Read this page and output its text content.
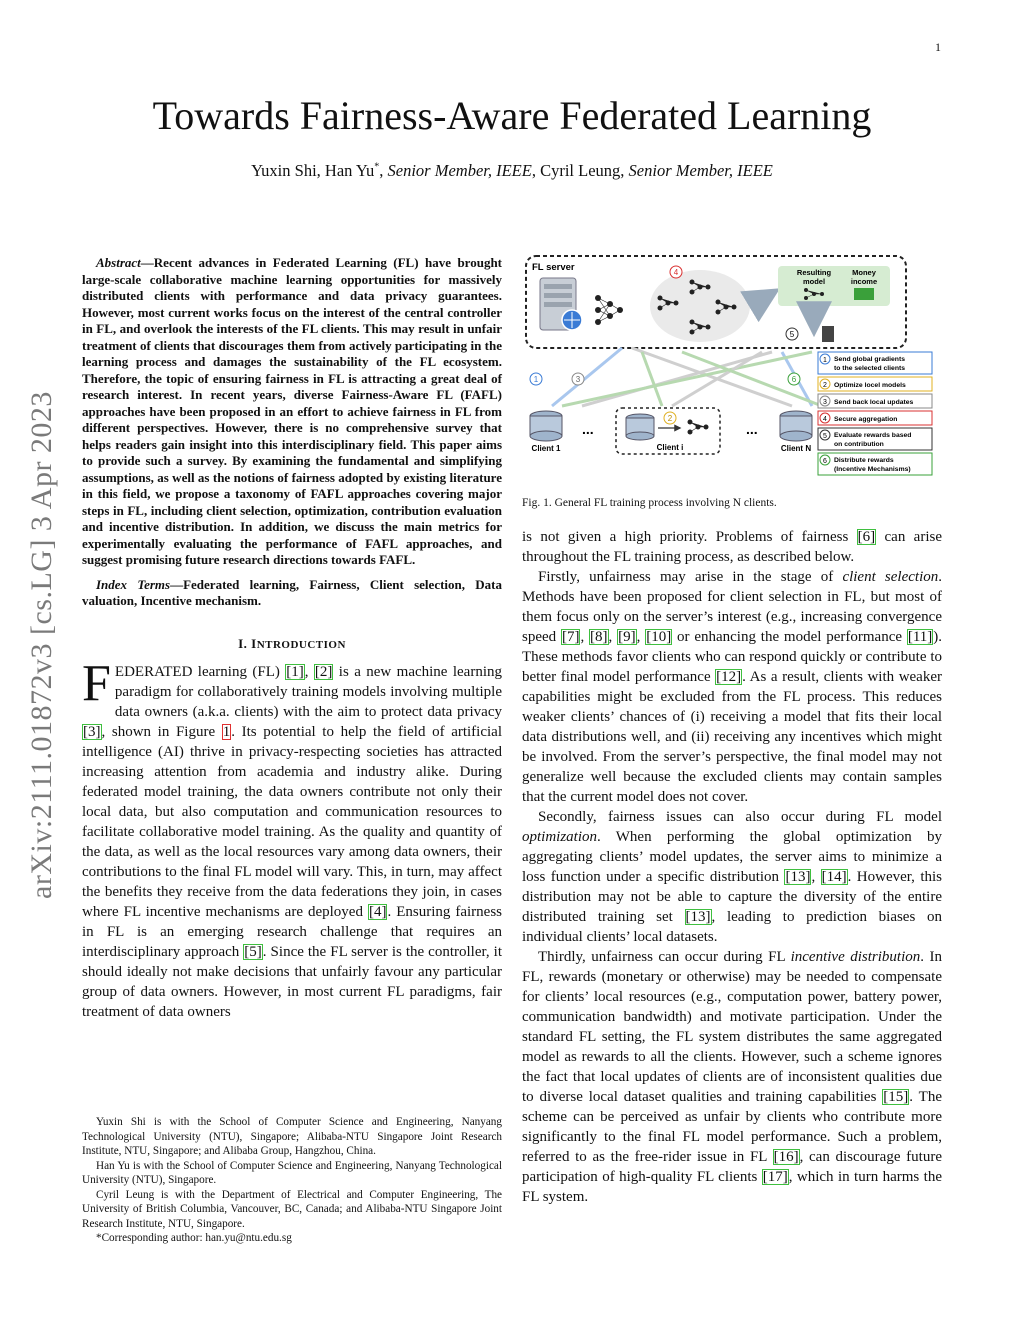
1
arXiv:2111.01872v3 [cs.LG] 3 Apr 2023
Towards Fairness-Aware Federated Learning
Yuxin Shi, Han Yu*, Senior Member, IEEE, Cyril Leung, Senior Member, IEEE

Abstract—Recent advances in Federated Learning (FL) have brought large-scale collaborative machine learning opportunities for massively distributed clients with performance and data privacy guarantees. However, most current works focus on the interest of the central controller in FL, and overlook the interests of the FL clients. This may result in unfair treatment of clients that discourages them from actively participating in the learning process and damages the sustainability of the FL ecosystem. Therefore, the topic of ensuring fairness in FL is attracting a great deal of research interest. In recent years, diverse Fairness-Aware FL (FAFL) approaches have been proposed in an effort to achieve fairness in FL from different perspectives. However, there is no comprehensive survey that helps readers gain insight into this interdisciplinary field. This paper aims to provide such a survey. By examining the fundamental and simplifying assumptions, as well as the notions of fairness adopted by existing literature in this field, we propose a taxonomy of FAFL approaches covering major steps in FL, including client selection, optimization, contribution evaluation and incentive distribution. In addition, we discuss the main metrics for experimentally evaluating the performance of FAFL approaches, and suggest promising future research directions towards FAFL.

Index Terms—Federated learning, Fairness, Client selection, Data valuation, Incentive mechanism.

I. INTRODUCTION

FEDERATED learning (FL) [1], [2] is a new machine learning paradigm for collaboratively training models involving multiple data owners (a.k.a. clients) with the aim to protect data privacy [3], shown in Figure 1. Its potential to help the field of artificial intelligence (AI) thrive in privacy-respecting societies has attracted increasing attention from academia and industry alike. During federated model training, the data owners contribute not only their local data, but also computation and communication resources to facilitate collaborative model training. As the quality and quantity of the data, as well as the local resources vary among data owners, their contributions to the final FL model will vary. This, in turn, may affect the benefits they receive from the data federations they join, in cases where FL incentive mechanisms are deployed [4]. Ensuring fairness in FL is an emerging research challenge that requires an interdisciplinary approach [5]. Since the FL server is the controller, it should ideally not make decisions that unfairly favour any particular group of data owners. However, in most current FL paradigms, fair treatment of data owners

Yuxin Shi is with the School of Computer Science and Engineering, Nanyang Technological University (NTU), Singapore; Alibaba-NTU Singapore Joint Research Institute, NTU, Singapore; and Alibaba Group, Hangzhou, China.

Han Yu is with the School of Computer Science and Engineering, Nanyang Technological University (NTU), Singapore.

Cyril Leung is with the Department of Electrical and Computer Engineering, The University of British Columbia, Vancouver, BC, Canada; and Alibaba-NTU Singapore Joint Research Institute, NTU, Singapore.

*Corresponding author: han.yu@ntu.edu.sg

FL server	4	Resulting
model
Money
income
5
1	3	6
Client 1
...
2
Client i
...
Client N
1 Send global gradients
to the selected clients
2 Optimize locel models
3 Send back local updates
4 Secure aggregation
5 Evaluate rewards based
on contribution
6 Distribute rewards
(Incentive Mechanisms)

Fig. 1. General FL training process involving N clients.

is not given a high priority. Problems of fairness [6] can arise throughout the FL training process, as described below.

Firstly, unfairness may arise in the stage of client selection. Methods have been proposed for client selection in FL, but most of them focus only on the server’s interest (e.g., increasing convergence speed [7], [8], [9], [10] or enhancing the model performance [11]). These methods favor clients who can respond quickly or contribute to better final model performance [12]. As a result, clients with weaker capabilities might be excluded from the FL process. This reduces weaker clients’ chances of (i) receiving a model that fits their local data distributions well, and (ii) receiving any incentives which might be involved. From the server’s perspective, the final model may not generalize well because the excluded clients may contain samples that the current model does not cover.

Secondly, fairness issues can also occur during FL model optimization. When performing the global optimization by aggregating clients’ model updates, the server aims to minimize a loss function under a specific distribution [13], [14]. However, this distribution may not be able to capture the diversity of the entire distributed training set [13], leading to prediction biases on individual clients’ local datasets.

Thirdly, unfairness can occur during FL incentive distribution. In FL, rewards (monetary or otherwise) may be needed to compensate for clients’ local resources (e.g., computation power, battery power, communication bandwidth) and motivate participation. Under the standard FL setting, the FL system distributes the same aggregated model as rewards to all the clients. However, such a scheme ignores the fact that local updates of clients are of inconsistent qualities due to diverse local dataset qualities and training capabilities [15]. The scheme can be perceived as unfair by clients who contribute more significantly to the final FL model performance. Such a problem, referred to as the free-rider issue in FL [16], can discourage future participation of high-quality FL clients [17], which in turn harms the FL system.
